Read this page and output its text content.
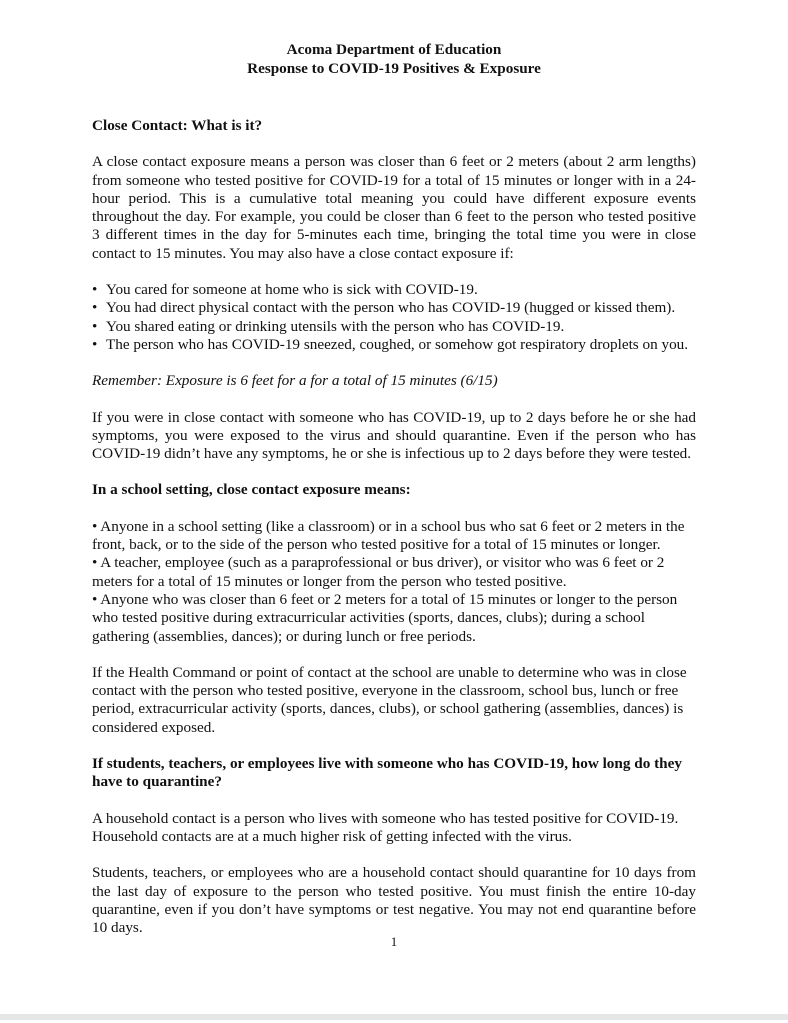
Acoma Department of Education

Response to COVID-19 Positives & Exposure

Close Contact: What is it?

A close contact exposure means a person was closer than 6 feet or 2 meters (about 2 arm lengths) from someone who tested positive for COVID-19 for a total of 15 minutes or longer with in a 24-hour period. This is a cumulative total meaning you could have different exposure events throughout the day. For example, you could be closer than 6 feet to the person who tested positive 3 different times in the day for 5-minutes each time, bringing the total time you were in close contact to 15 minutes. You may also have a close contact exposure if:

• You cared for someone at home who is sick with COVID-19.
• You had direct physical contact with the person who has COVID-19 (hugged or kissed them).
• You shared eating or drinking utensils with the person who has COVID-19.
• The person who has COVID-19 sneezed, coughed, or somehow got respiratory droplets on you.

Remember: Exposure is 6 feet for a for a total of 15 minutes (6/15)

If you were in close contact with someone who has COVID-19, up to 2 days before he or she had symptoms, you were exposed to the virus and should quarantine. Even if the person who has COVID-19 didn’t have any symptoms, he or she is infectious up to 2 days before they were tested.

In a school setting, close contact exposure means:

• Anyone in a school setting (like a classroom) or in a school bus who sat 6 feet or 2 meters in the front, back, or to the side of the person who tested positive for a total of 15 minutes or longer.

• A teacher, employee (such as a paraprofessional or bus driver), or visitor who was 6 feet or 2 meters for a total of 15 minutes or longer from the person who tested positive.

• Anyone who was closer than 6 feet or 2 meters for a total of 15 minutes or longer to the person who tested positive during extracurricular activities (sports, dances, clubs); during a school gathering (assemblies, dances); or during lunch or free periods.

If the Health Command or point of contact at the school are unable to determine who was in close contact with the person who tested positive, everyone in the classroom, school bus, lunch or free period, extracurricular activity (sports, dances, clubs), or school gathering (assemblies, dances) is considered exposed.

If students, teachers, or employees live with someone who has COVID-19, how long do they have to quarantine?

A household contact is a person who lives with someone who has tested positive for COVID-19. Household contacts are at a much higher risk of getting infected with the virus.

Students, teachers, or employees who are a household contact should quarantine for 10 days from the last day of exposure to the person who tested positive. You must finish the entire 10-day quarantine, even if you don’t have symptoms or test negative. You may not end quarantine before 10 days.

1
